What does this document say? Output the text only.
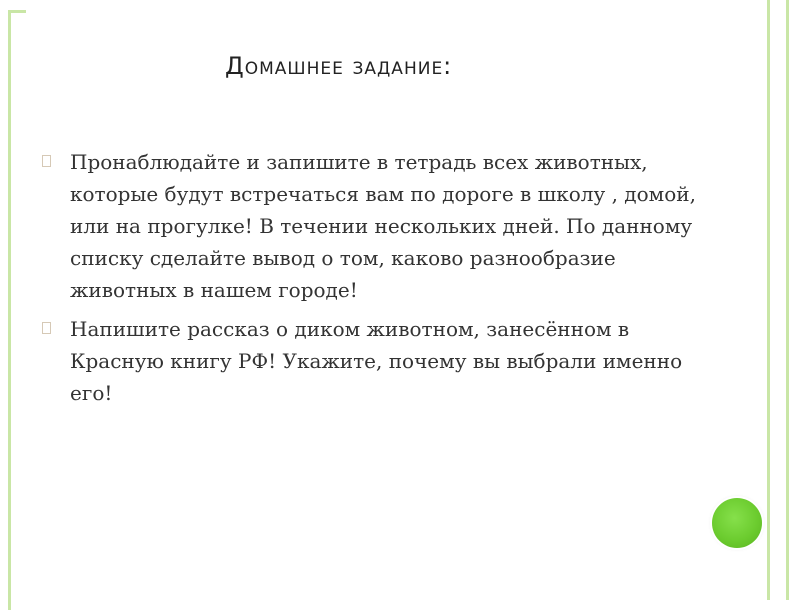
Домашнее задание:
Пронаблюдайте и запишите в тетрадь всех животных, которые будут встречаться вам по дороге в школу , домой, или на прогулке! В течении нескольких дней. По данному списку сделайте вывод о том, каково разнообразие животных в нашем городе!
Напишите рассказ о диком животном, занесённом в Красную книгу РФ! Укажите, почему вы выбрали именно его!
